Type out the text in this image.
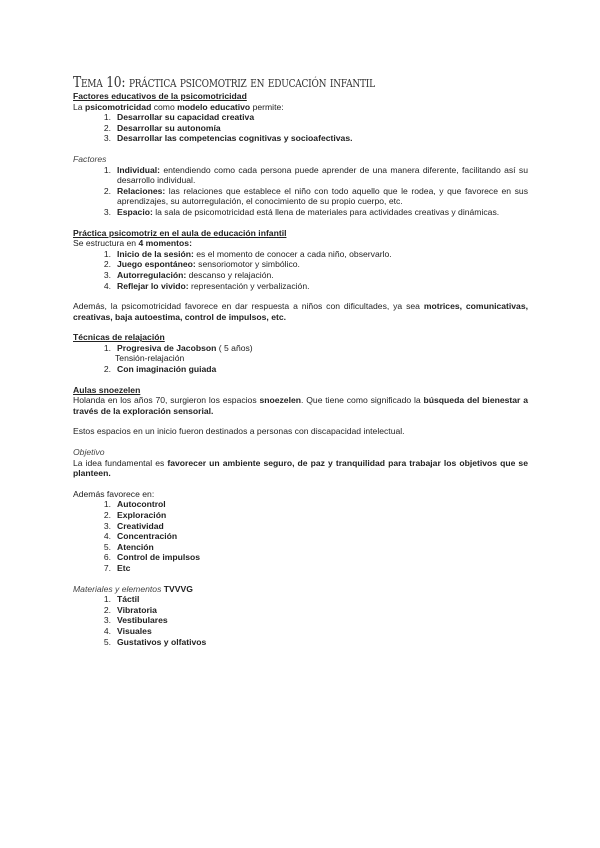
Tema 10: práctica psicomotriz en educación infantil

Factores educativos de la psicomotricidad

La psicomotricidad como modelo educativo permite:

1. Desarrollar su capacidad creativa
2. Desarrollar su autonomía
3. Desarrollar las competencias cognitivas y socioafectivas.

Factores

1. Individual: entendiendo como cada persona puede aprender de una manera diferente, facilitando así su desarrollo individual.
2. Relaciones: las relaciones que establece el niño con todo aquello que le rodea, y que favorece en sus aprendizajes, su autorregulación, el conocimiento de su propio cuerpo, etc.
3. Espacio: la sala de psicomotricidad está llena de materiales para actividades creativas y dinámicas.

Práctica psicomotriz en el aula de educación infantil

Se estructura en 4 momentos:

1. Inicio de la sesión: es el momento de conocer a cada niño, observarlo.
2. Juego espontáneo: sensoriomotor y simbólico.
3. Autorregulación: descanso y relajación.
4. Reflejar lo vivido: representación y verbalización.

Además, la psicomotricidad favorece en dar respuesta a niños con dificultades, ya sea motrices, comunicativas, creativas, baja autoestima, control de impulsos, etc.

Técnicas de relajación

1. Progresiva de Jacobson ( 5 años)

Tensión-relajación

2. Con imaginación guiada

Aulas snoezelen

Holanda en los años 70, surgieron los espacios snoezelen. Que tiene como significado la búsqueda del bienestar a través de la exploración sensorial.

Estos espacios en un inicio fueron destinados a personas con discapacidad intelectual.

Objetivo

La idea fundamental es favorecer un ambiente seguro, de paz y tranquilidad para trabajar los objetivos que se planteen.

Además favorece en:

1. Autocontrol
2. Exploración
3. Creatividad
4. Concentración
5. Atención
6. Control de impulsos
7. Etc

Materiales y elementos TVVVG

1. Táctil
2. Vibratoria
3. Vestibulares
4. Visuales
5. Gustativos y olfativos
